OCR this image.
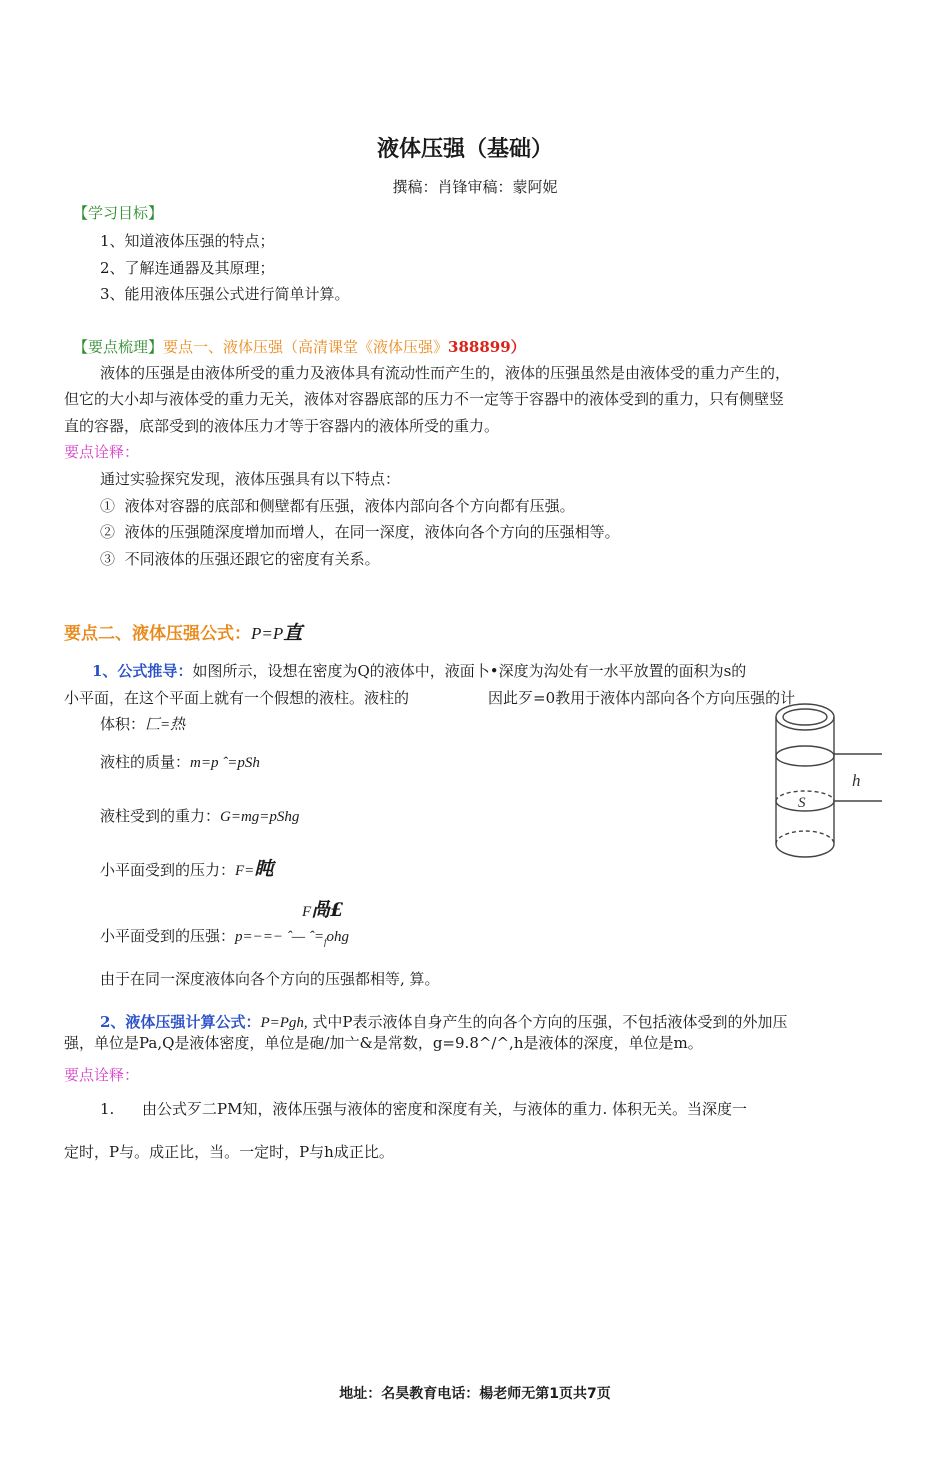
液体压强（基础）
撰稿：肖锋审稿：蒙阿妮
【学习目标】
1、知道液体压强的特点；
2、了解连通器及其原理；
3、能用液体压强公式进行简单计算。
【要点梳理】要点一、液体压强（高清课堂《液体压强》388899）
液体的压强是由液体所受的重力及液体具有流动性而产生的，液体的压强虽然是由液体受的重力产生的，
但它的大小却与液体受的重力无关，液体对容器底部的压力不一定等于容器中的液体受到的重力，只有侧壁竖
直的容器，底部受到的液体压力才等于容器内的液体所受的重力。
要点诠释：
通过实验探究发现，液体压强具有以下特点：
① 液体对容器的底部和侧壁都有压强，液体内部向各个方向都有压强。
② 液体的压强随深度增加而增人，在同一深度，液体向各个方向的压强相等。
③ 不同液体的压强还跟它的密度有关系。
要点二、液体压强公式：P=P直
1、公式推导：如图所示，设想在密度为Q的液体中，液面卜•深度为沟处有一水平放置的面积为s的
小平面，在这个平面上就有一个假想的液柱。液柱的	因此歹=0教用于液体内部向各个方向压强的计
体积：匚=热
液柱的质量：m=p ˆ=pSh
液柱受到的重力：G=mg=pShg
小平面受到的压力：F=盹
F咼£
小平面受到的压强：p=−=− ˆ— $ˆ=_fohg$
由于在同一深度液体向各个方向的压强都相等, 算。
2、液体压强计算公式：P=Pgh, 式中P表示液体自身产生的向各个方向的压强，不包括液体受到的外加压
强，单位是Pa,Q是液体密度，单位是砲/加亠&是常数，g=9.8^/^,h是液体的深度，单位是m。
要点诠释：
1. 由公式歹二PM知，液体压强与液体的密度和深度有关，与液体的重力. 体积无关。当深度一
定时，P与。成正比，当。一定时，P与h成正比。
h
S
地址：名昊教育电话：楊老师无第1页共7页
